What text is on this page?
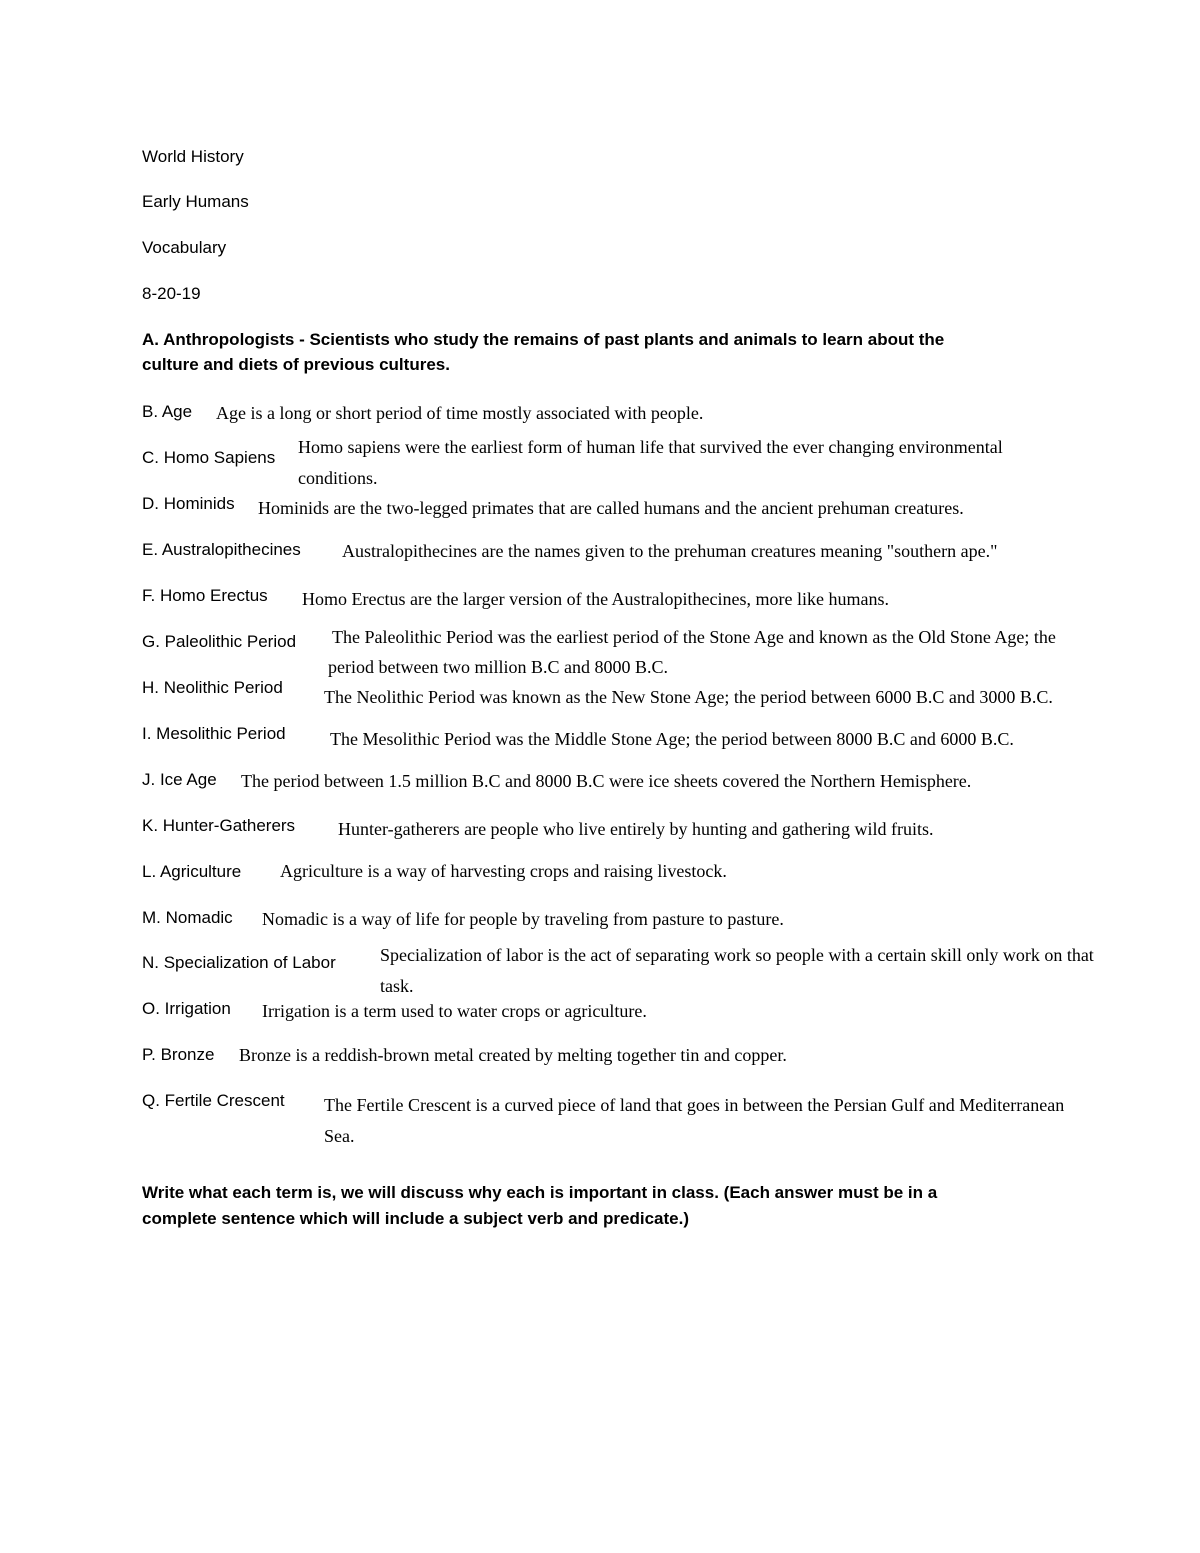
World History
Early Humans
Vocabulary
8-20-19
A. Anthropologists - Scientists who study the remains of past plants and animals to learn about the
culture and diets of previous cultures.
B. Age Age is a long or short period of time mostly associated with people.
C. Homo Sapiens
Homo sapiens were the earliest form of human life that survived the ever changing environmental
conditions.
D. Hominids Hominids are the two-legged primates that are called humans and the ancient prehuman creatures.
E. Australopithecines Australopithecines are the names given to the prehuman creatures meaning "southern ape."
F. Homo Erectus Homo Erectus are the larger version of the Australopithecines, more like humans.
G. Paleolithic Period The Paleolithic Period was the earliest period of the Stone Age and known as the Old Stone Age; the
period between two million B.C and 8000 B.C.
H. Neolithic Period The Neolithic Period was known as the New Stone Age; the period between 6000 B.C and 3000 B.C.
I. Mesolithic Period The Mesolithic Period was the Middle Stone Age; the period between 8000 B.C and 6000 B.C.
J. Ice Age The period between 1.5 million B.C and 8000 B.C were ice sheets covered the Northern Hemisphere.
K. Hunter-Gatherers Hunter-gatherers are people who live entirely by hunting and gathering wild fruits.
L. Agriculture Agriculture is a way of harvesting crops and raising livestock.
M. Nomadic Nomadic is a way of life for people by traveling from pasture to pasture.
N. Specialization of Labor Specialization of labor is the act of separating work so people with a certain skill only work on that
task.
O. Irrigation Irrigation is a term used to water crops or agriculture.
P. Bronze Bronze is a reddish-brown metal created by melting together tin and copper.
Q. Fertile Crescent The Fertile Crescent is a curved piece of land that goes in between the Persian Gulf and Mediterranean
Sea.
Write what each term is, we will discuss why each is important in class. (Each answer must be in a
complete sentence which will include a subject verb and predicate.)
